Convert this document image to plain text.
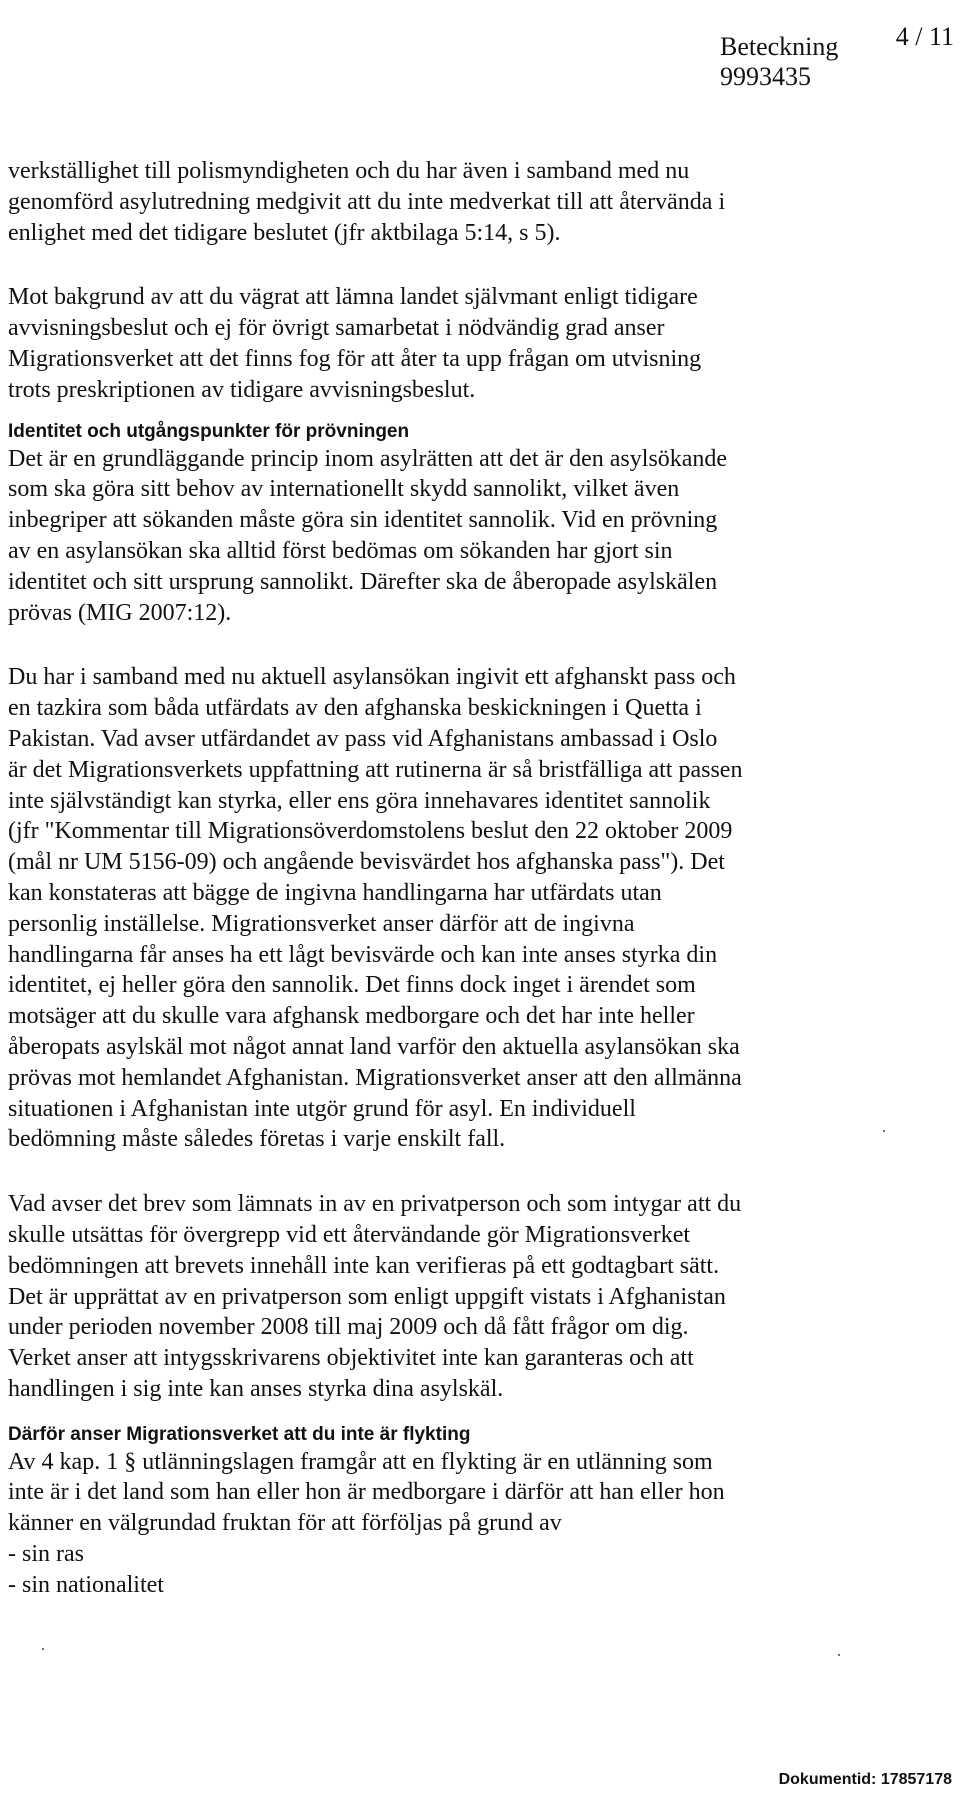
Beteckning
9993435
4 / 11
verkställighet till polismyndigheten och du har även i samband med nu
genomförd asylutredning medgivit att du inte medverkat till att återvända i
enlighet med det tidigare beslutet (jfr aktbilaga 5:14, s 5).
Mot bakgrund av att du vägrat att lämna landet självmant enligt tidigare
avvisningsbeslut och ej för övrigt samarbetat i nödvändig grad anser
Migrationsverket att det finns fog för att åter ta upp frågan om utvisning
trots preskriptionen av tidigare avvisningsbeslut.
Identitet och utgångspunkter för prövningen
Det är en grundläggande princip inom asylrätten att det är den asylsökande
som ska göra sitt behov av internationellt skydd sannolikt, vilket även
inbegriper att sökanden måste göra sin identitet sannolik. Vid en prövning
av en asylansökan ska alltid först bedömas om sökanden har gjort sin
identitet och sitt ursprung sannolikt. Därefter ska de åberopade asylskälen
prövas (MIG 2007:12).
Du har i samband med nu aktuell asylansökan ingivit ett afghanskt pass och
en tazkira som båda utfärdats av den afghanska beskickningen i Quetta i
Pakistan. Vad avser utfärdandet av pass vid Afghanistans ambassad i Oslo
är det Migrationsverkets uppfattning att rutinerna är så bristfälliga att passen
inte självständigt kan styrka, eller ens göra innehavares identitet sannolik
(jfr "Kommentar till Migrationsöverdomstolens beslut den 22 oktober 2009
(mål nr UM 5156-09) och angående bevisvärdet hos afghanska pass"). Det
kan konstateras att bägge de ingivna handlingarna har utfärdats utan
personlig inställelse. Migrationsverket anser därför att de ingivna
handlingarna får anses ha ett lågt bevisvärde och kan inte anses styrka din
identitet, ej heller göra den sannolik. Det finns dock inget i ärendet som
motsäger att du skulle vara afghansk medborgare och det har inte heller
åberopats asylskäl mot något annat land varför den aktuella asylansökan ska
prövas mot hemlandet Afghanistan. Migrationsverket anser att den allmänna
situationen i Afghanistan inte utgör grund för asyl. En individuell
bedömning måste således företas i varje enskilt fall.
Vad avser det brev som lämnats in av en privatperson och som intygar att du
skulle utsättas för övergrepp vid ett återvändande gör Migrationsverket
bedömningen att brevets innehåll inte kan verifieras på ett godtagbart sätt.
Det är upprättat av en privatperson som enligt uppgift vistats i Afghanistan
under perioden november 2008 till maj 2009 och då fått frågor om dig.
Verket anser att intygsskrivarens objektivitet inte kan garanteras och att
handlingen i sig inte kan anses styrka dina asylskäl.
Därför anser Migrationsverket att du inte är flykting
Av 4 kap. 1 § utlänningslagen framgår att en flykting är en utlänning som
inte är i det land som han eller hon är medborgare i därför att han eller hon
känner en välgrundad fruktan för att förföljas på grund av
- sin ras
- sin nationalitet
Dokumentid: 17857178
